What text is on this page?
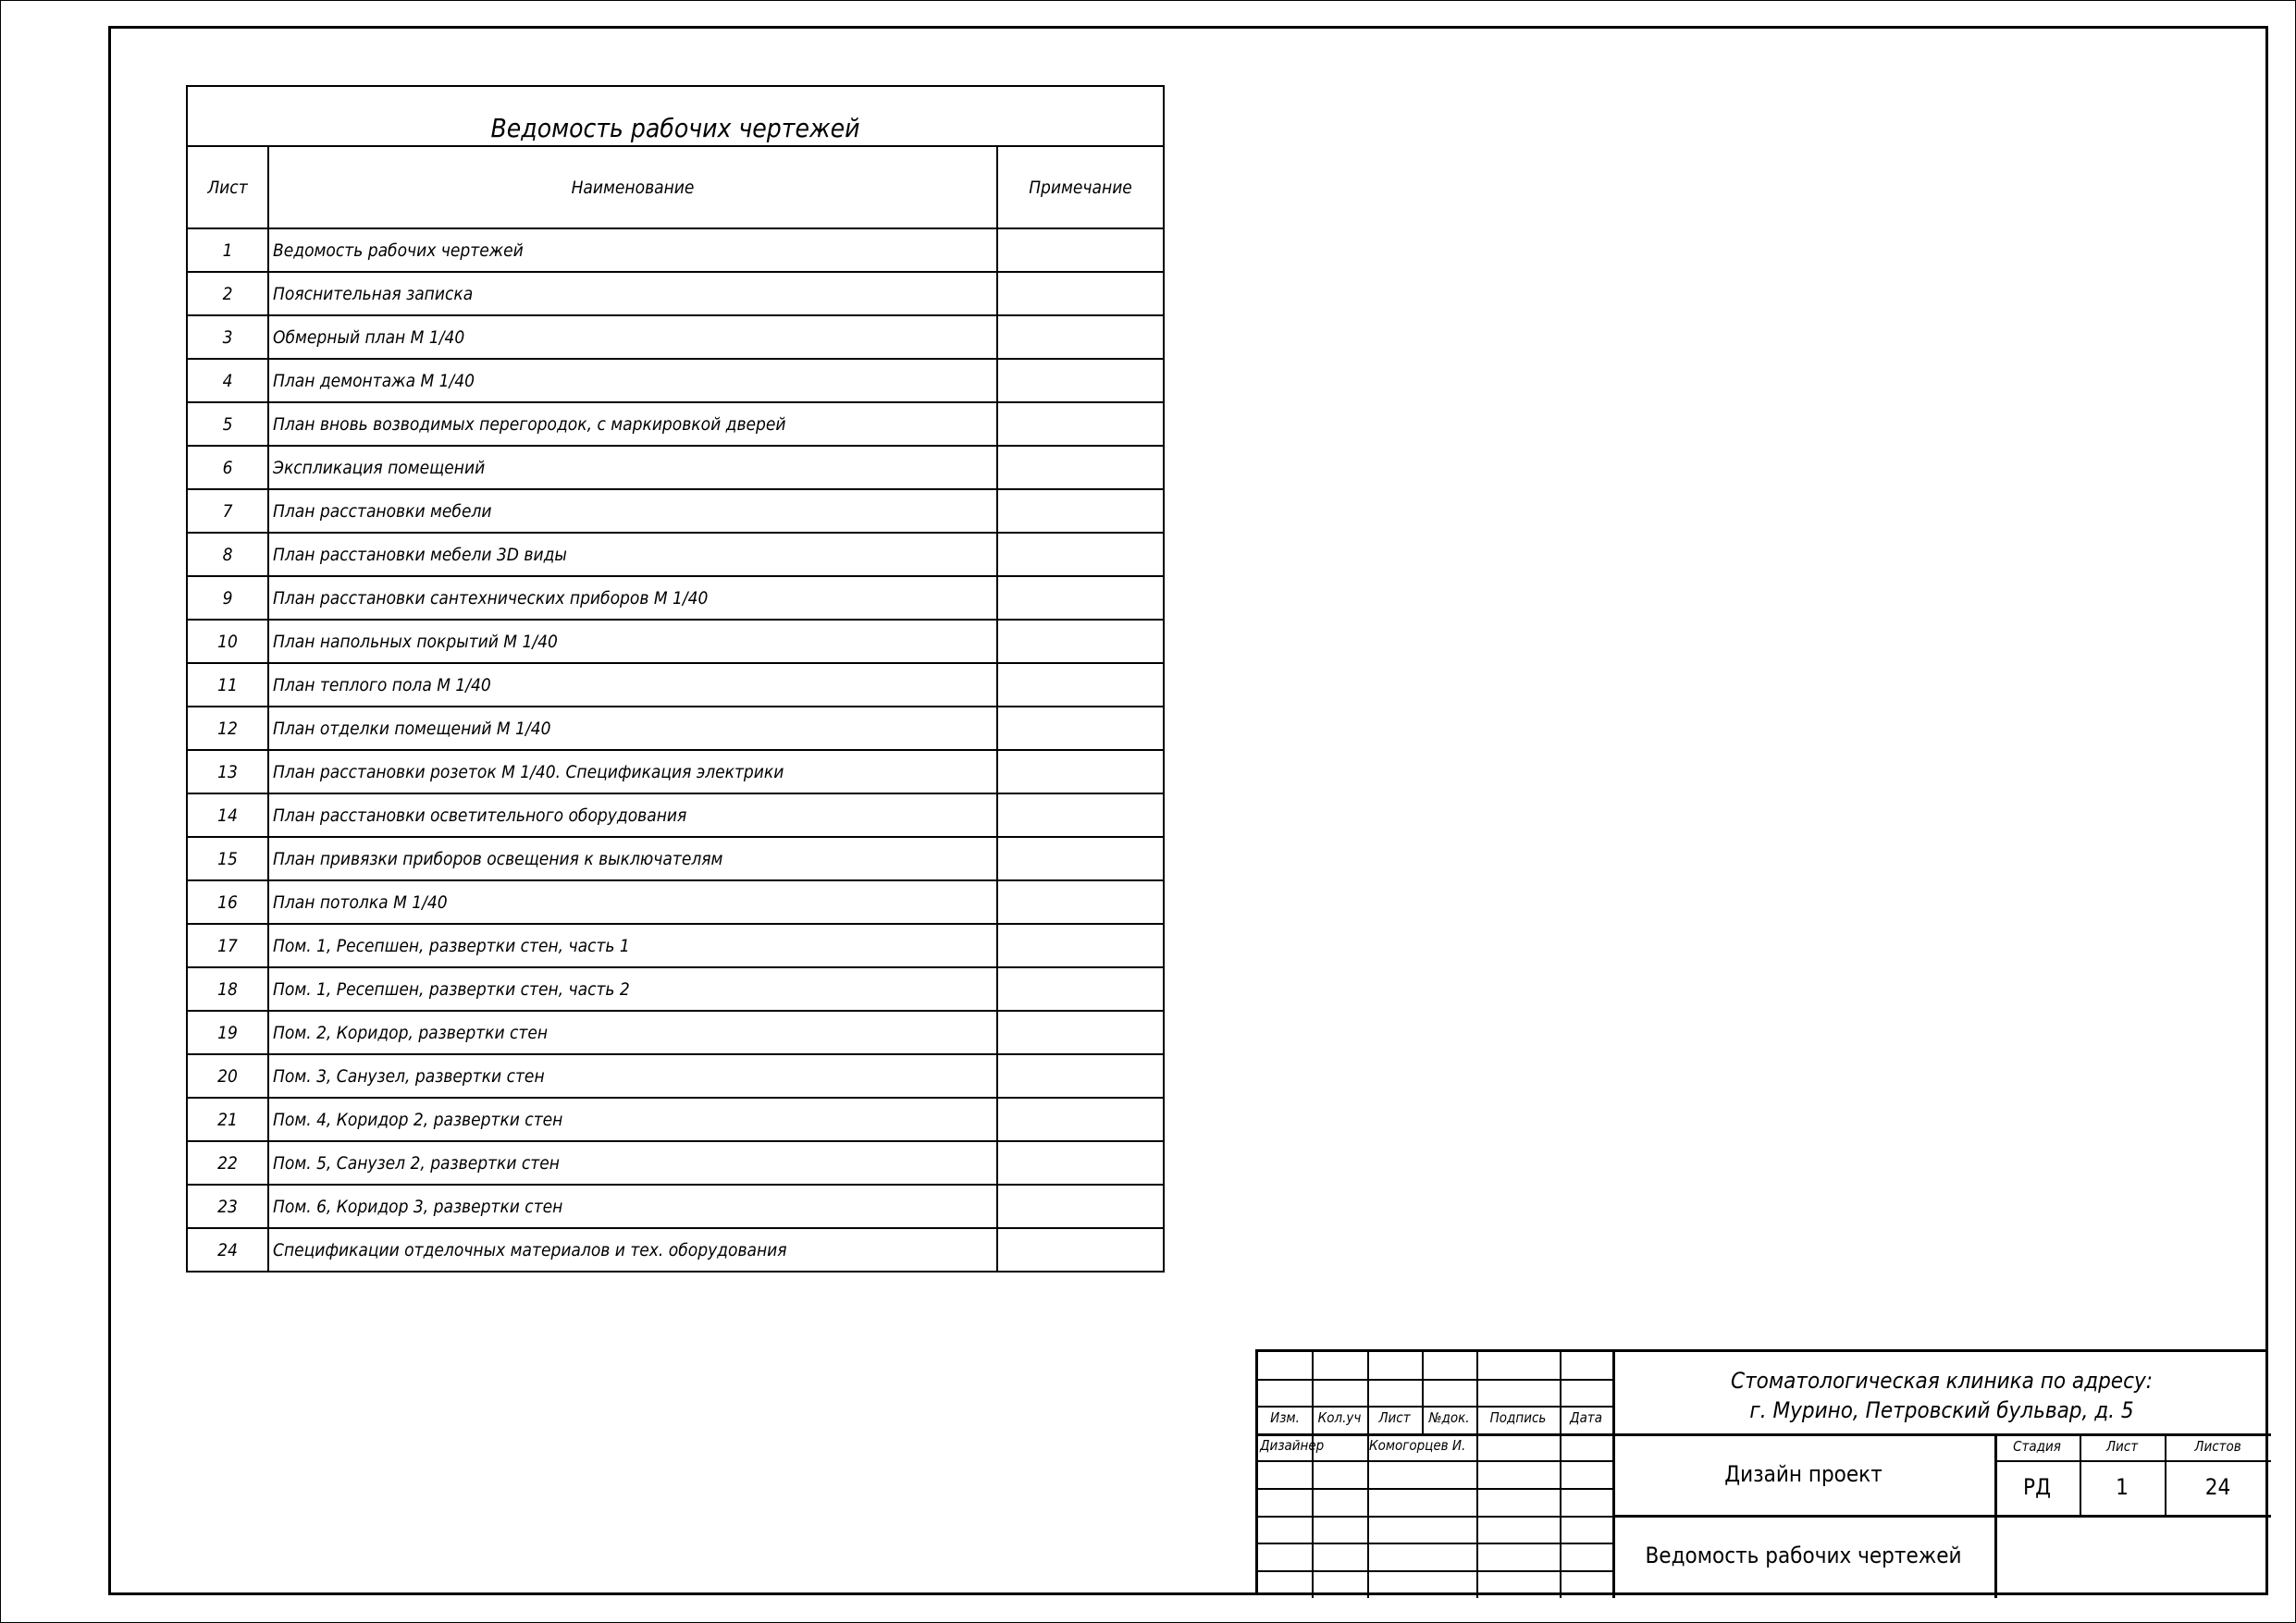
Ведомость рабочих чертежей		
Лист	Наименование	Примечание
1	Ведомость рабочих чертежей	
2	Пояснительная записка	
3	Обмерный план М 1/40	
4	План демонтажа М 1/40	
5	План вновь возводимых перегородок, с маркировкой дверей	
6	Экспликация помещений	
7	План расстановки мебели	
8	План расстановки мебели 3D виды	
9	План расстановки сантехнических приборов М 1/40	
10	План напольных покрытий М 1/40	
11	План теплого пола М 1/40	
12	План отделки помещений М 1/40	
13	План расстановки розеток М 1/40. Спецификация электрики	
14	План расстановки осветительного оборудования	
15	План привязки приборов освещения к выключателям	
16	План потолка М 1/40	
17	Пом. 1, Ресепшен, развертки стен, часть 1	
18	Пом. 1, Ресепшен, развертки стен, часть 2	
19	Пом. 2, Коридор, развертки стен	
20	Пом. 3, Санузел, развертки стен	
21	Пом. 4, Коридор 2, развертки стен	
22	Пом. 5, Санузел 2, развертки стен	
23	Пом. 6, Коридор 3, развертки стен	
24	Спецификации отделочных материалов и тех. оборудования	
Изм.	Кол.уч	Лист	№док.	Подпись	Дата
Дизайнер	Комогорцев И.
Стоматологическая клиника по адресу:
г. Мурино, Петровский бульвар, д. 5
Дизайн проект
Стадия	Лист	Листов
РД	1	24
Ведомость рабочих чертежей
